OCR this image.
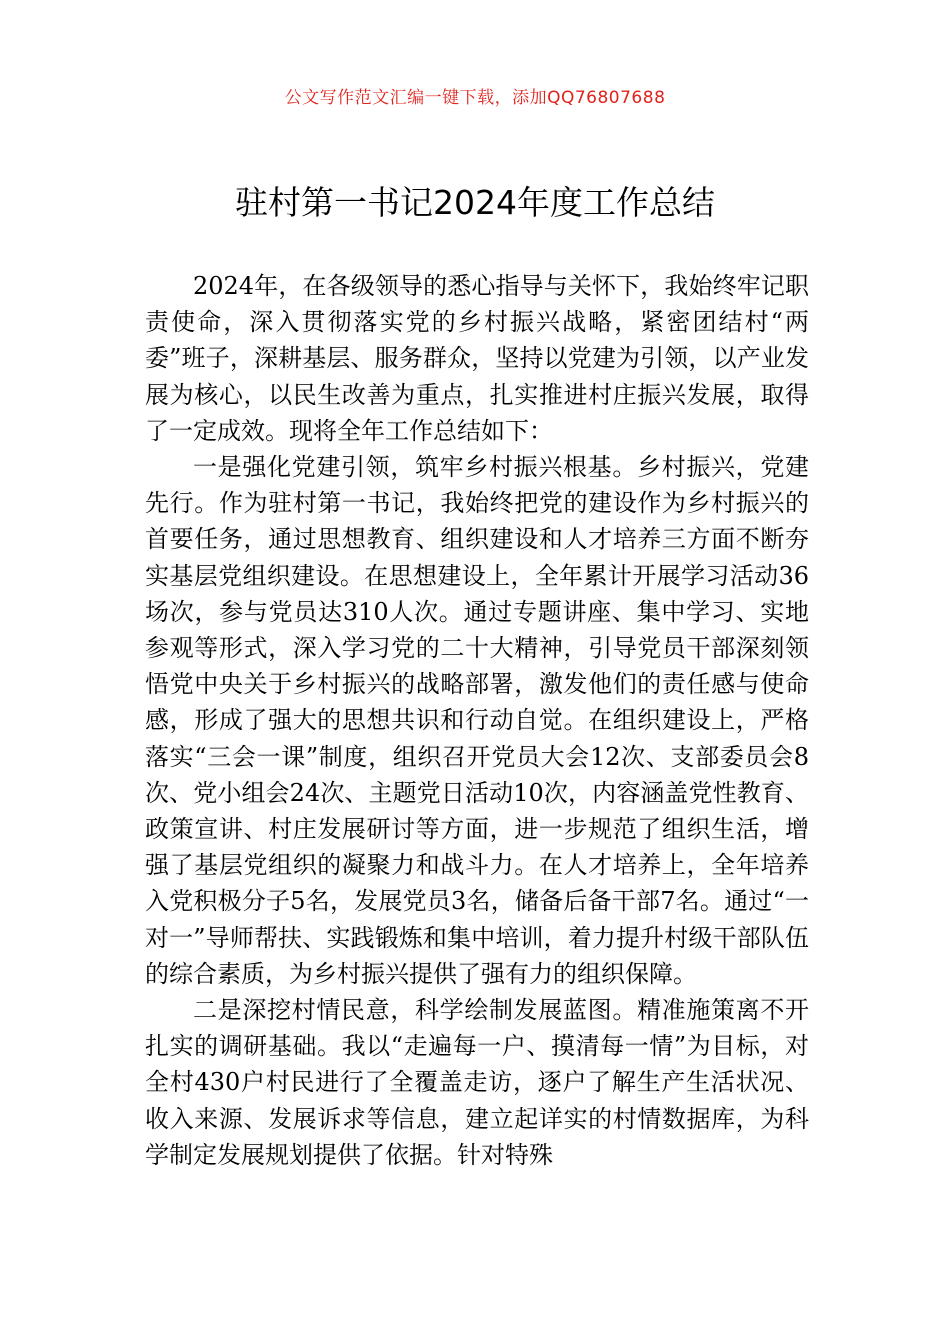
公文写作范文汇编一键下载，添加QQ76807688
驻村第一书记2024年度工作总结

2024年，在各级领导的悉心指导与关怀下，我始终牢记职责使命，深入贯彻落实党的乡村振兴战略，紧密团结村“两委”班子，深耕基层、服务群众，坚持以党建为引领，以产业发展为核心，以民生改善为重点，扎实推进村庄振兴发展，取得了一定成效。现将全年工作总结如下：

一是强化党建引领，筑牢乡村振兴根基。乡村振兴，党建先行。作为驻村第一书记，我始终把党的建设作为乡村振兴的首要任务，通过思想教育、组织建设和人才培养三方面不断夯实基层党组织建设。在思想建设上，全年累计开展学习活动36场次，参与党员达310人次。通过专题讲座、集中学习、实地参观等形式，深入学习党的二十大精神，引导党员干部深刻领悟党中央关于乡村振兴的战略部署，激发他们的责任感与使命感，形成了强大的思想共识和行动自觉。在组织建设上，严格落实“三会一课”制度，组织召开党员大会12次、支部委员会8次、党小组会24次、主题党日活动10次，内容涵盖党性教育、政策宣讲、村庄发展研讨等方面，进一步规范了组织生活，增强了基层党组织的凝聚力和战斗力。在人才培养上，全年培养入党积极分子5名，发展党员3名，储备后备干部7名。通过“一对一”导师帮扶、实践锻炼和集中培训，着力提升村级干部队伍的综合素质，为乡村振兴提供了强有力的组织保障。

二是深挖村情民意，科学绘制发展蓝图。精准施策离不开扎实的调研基础。我以“走遍每一户、摸清每一情”为目标，对全村430户村民进行了全覆盖走访，逐户了解生产生活状况、收入来源、发展诉求等信息，建立起详实的村情数据库，为科学制定发展规划提供了依据。针对特殊
